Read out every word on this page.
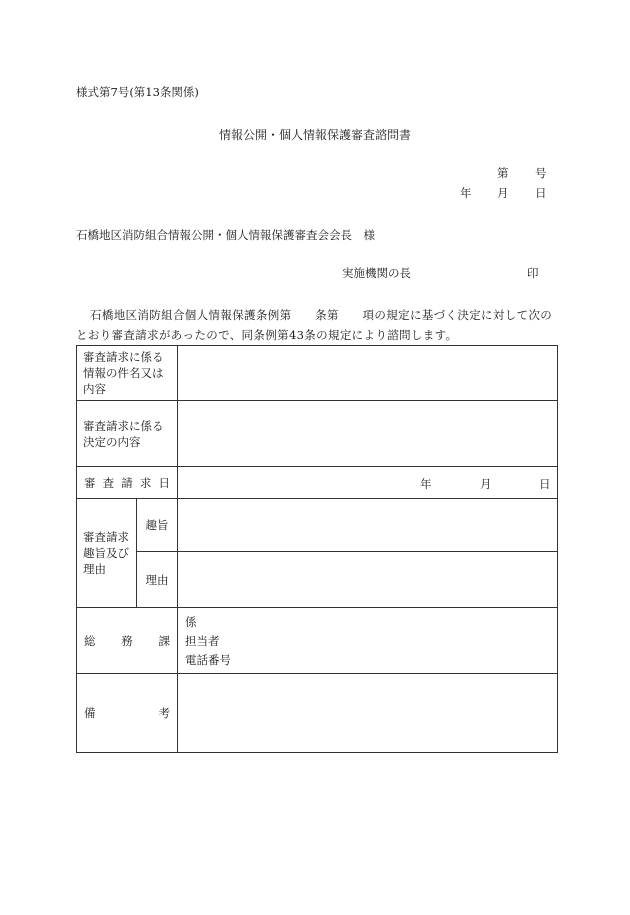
様式第7号(第13条関係)
情報公開・個人情報保護審査諮問書
第 号
年 月 日
石橋地区消防組合情報公開・個人情報保護審査会会長　様
実施機関の長	印
石橋地区消防組合個人情報保護条例第　　条第　　項の規定に基づく決定に対して次の
とおり審査請求があったので、同条例第43条の規定により諮問します。
審査請求に係る
情報の件名又は
内容		

審査請求に係る
決定の内容		

審査請求日		年 月 日

審査請求
趣旨及び
理由	趣旨	
	理由	
総務課		係
担当者
電話番号

備考		
